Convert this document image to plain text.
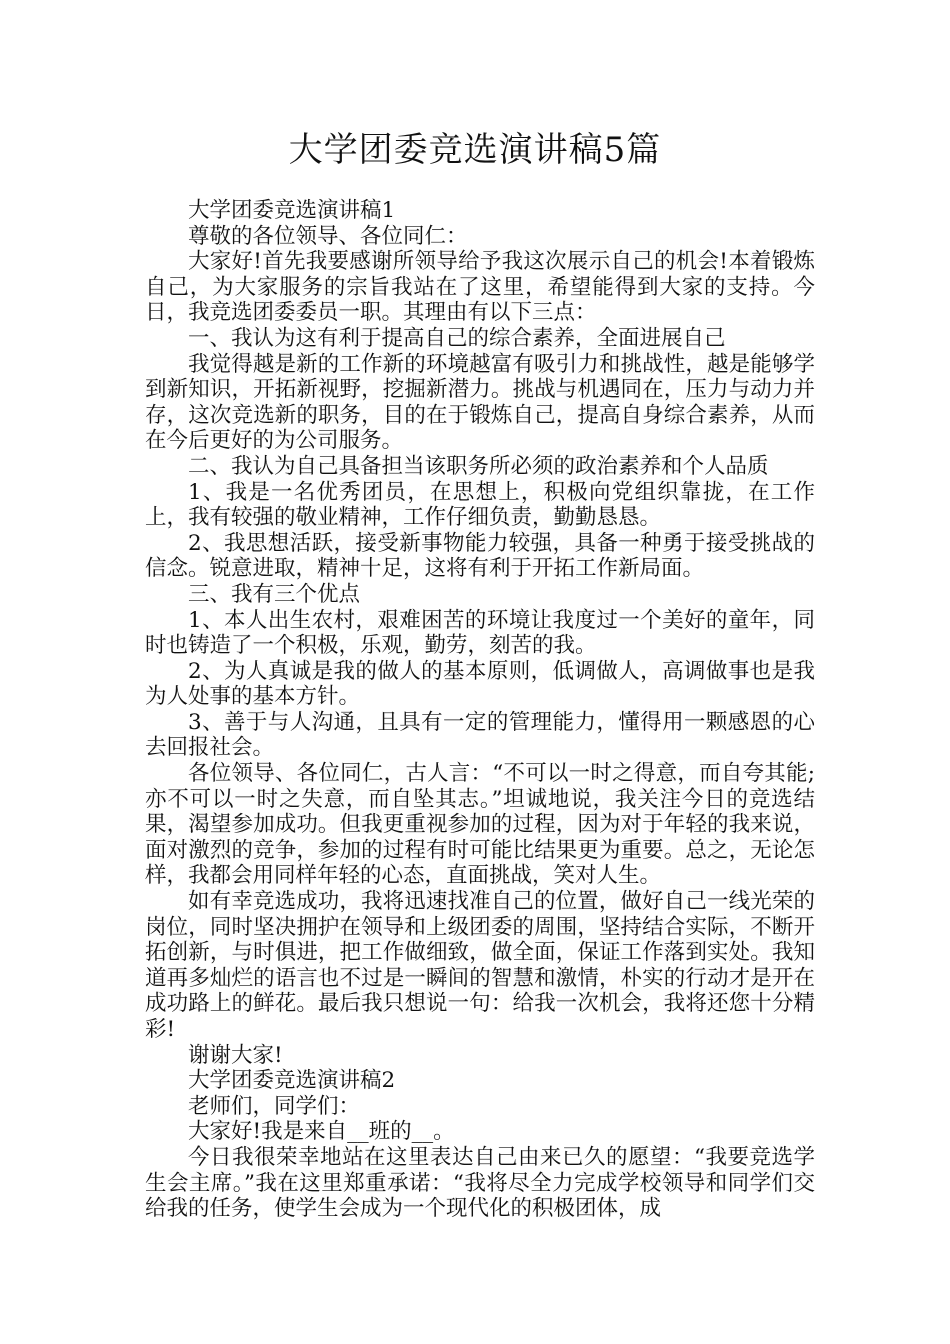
大学团委竞选演讲稿5篇

大学团委竞选演讲稿1

尊敬的各位领导、各位同仁：

大家好!首先我要感谢所领导给予我这次展示自己的机会!本着锻炼自己，为大家服务的宗旨我站在了这里，希望能得到大家的支持。今日，我竞选团委委员一职。其理由有以下三点：

一、我认为这有利于提高自己的综合素养，全面进展自己

我觉得越是新的工作新的环境越富有吸引力和挑战性，越是能够学到新知识，开拓新视野，挖掘新潜力。挑战与机遇同在，压力与动力并存，这次竞选新的职务，目的在于锻炼自己，提高自身综合素养，从而在今后更好的为公司服务。

二、我认为自己具备担当该职务所必须的政治素养和个人品质

1、我是一名优秀团员，在思想上，积极向党组织靠拢，在工作上，我有较强的敬业精神，工作仔细负责，勤勤恳恳。

2、我思想活跃，接受新事物能力较强，具备一种勇于接受挑战的信念。锐意进取，精神十足，这将有利于开拓工作新局面。

三、我有三个优点

1、本人出生农村，艰难困苦的环境让我度过一个美好的童年，同时也铸造了一个积极，乐观，勤劳，刻苦的我。

2、为人真诚是我的做人的基本原则，低调做人，高调做事也是我为人处事的基本方针。

3、善于与人沟通，且具有一定的管理能力，懂得用一颗感恩的心去回报社会。

各位领导、各位同仁，古人言：“不可以一时之得意，而自夸其能;亦不可以一时之失意，而自坠其志。”坦诚地说，我关注今日的竞选结果，渴望参加成功。但我更重视参加的过程，因为对于年轻的我来说，面对激烈的竞争，参加的过程有时可能比结果更为重要。总之，无论怎样，我都会用同样年轻的心态，直面挑战，笑对人生。

如有幸竞选成功，我将迅速找准自己的位置，做好自己一线光荣的岗位，同时坚决拥护在领导和上级团委的周围，坚持结合实际，不断开拓创新，与时俱进，把工作做细致，做全面，保证工作落到实处。我知道再多灿烂的语言也不过是一瞬间的智慧和激情，朴实的行动才是开在成功路上的鲜花。最后我只想说一句：给我一次机会，我将还您十分精彩!

谢谢大家!

大学团委竞选演讲稿2

老师们，同学们：

大家好!我是来自__班的__。

今日我很荣幸地站在这里表达自己由来已久的愿望：“我要竞选学生会主席。”我在这里郑重承诺：“我将尽全力完成学校领导和同学们交给我的任务，使学生会成为一个现代化的积极团体，成
